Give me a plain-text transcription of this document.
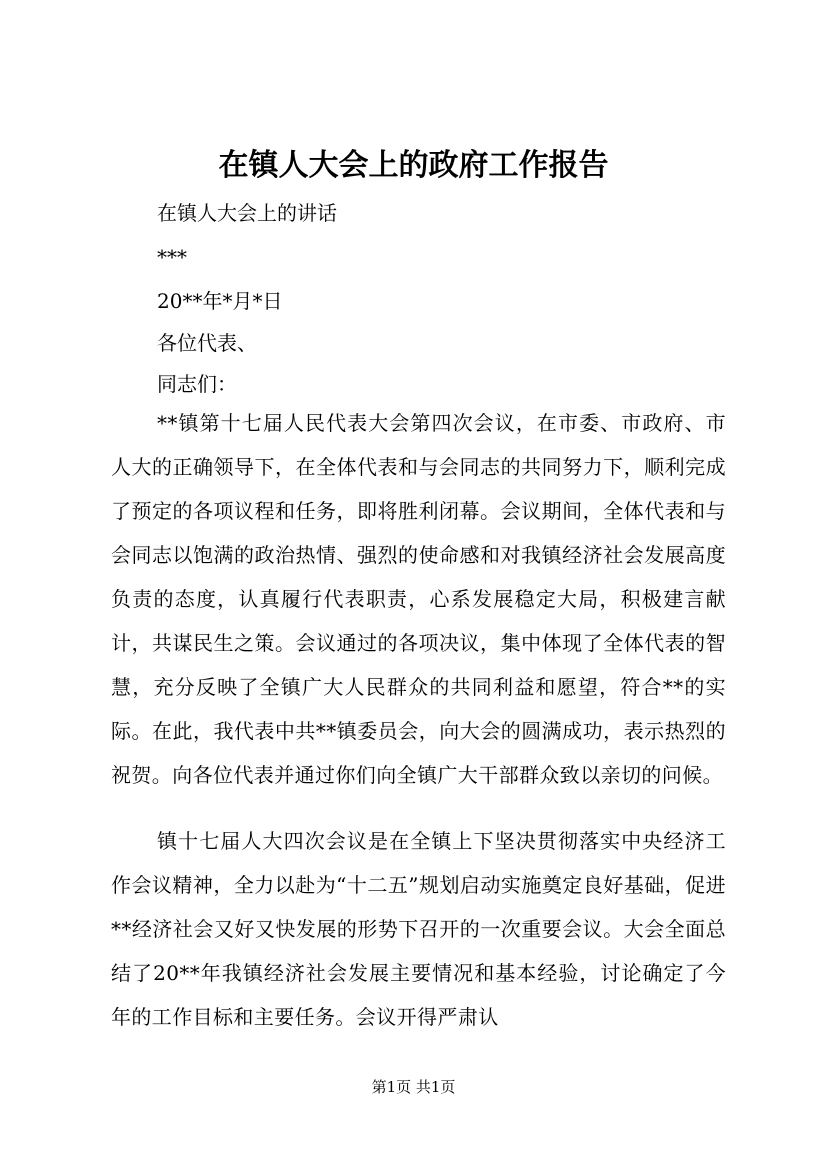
在镇人大会上的政府工作报告
在镇人大会上的讲话
***
20**年*月*日
各位代表、
同志们：

**镇第十七届人民代表大会第四次会议，在市委、市政府、市人大的正确领导下，在全体代表和与会同志的共同努力下，顺利完成了预定的各项议程和任务，即将胜利闭幕。会议期间，全体代表和与会同志以饱满的政治热情、强烈的使命感和对我镇经济社会发展高度负责的态度，认真履行代表职责，心系发展稳定大局，积极建言献计，共谋民生之策。会议通过的各项决议，集中体现了全体代表的智慧，充分反映了全镇广大人民群众的共同利益和愿望，符合**的实际。在此，我代表中共**镇委员会，向大会的圆满成功，表示热烈的祝贺。向各位代表并通过你们向全镇广大干部群众致以亲切的问候。

镇十七届人大四次会议是在全镇上下坚决贯彻落实中央经济工作会议精神，全力以赴为“十二五”规划启动实施奠定良好基础，促进**经济社会又好又快发展的形势下召开的一次重要会议。大会全面总结了20**年我镇经济社会发展主要情况和基本经验，讨论确定了今年的工作目标和主要任务。会议开得严肃认

第1页 共1页
